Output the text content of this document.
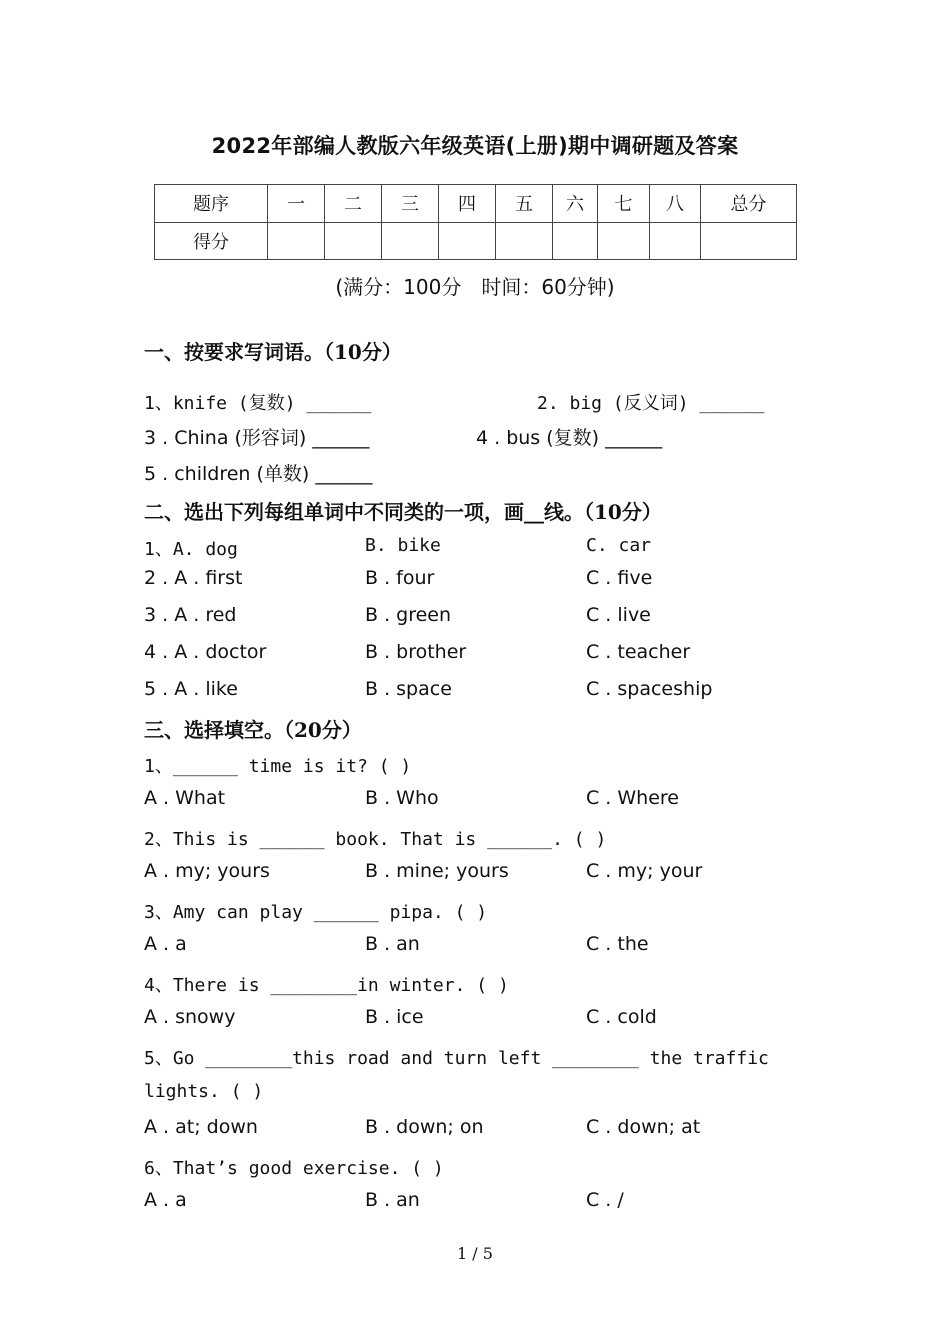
2022年部编人教版六年级英语(上册)期中调研题及答案
题序	一	二	三	四	五	六	七	八	总分
得分									
(满分：100分　时间：60分钟)
一、按要求写词语。（10分）
1、knife (复数) ______	2. big (反义词) ______
3 . China (形容词) ______	4 . bus (复数) ______
5 . children (单数) ______
二、选出下列每组单词中不同类的一项，画__线。（10分）
1、A. dog	B. bike	C. car
2 . A . first	B . four	C . five
3 . A . red	B . green	C . live
4 . A . doctor	B . brother	C . teacher
5 . A . like	B . space	C . spaceship
三、选择填空。（20分）
1、______ time is it? ( )
A . What	B . Who	C . Where
2、This is ______ book. That is ______. ( )
A . my; yours	B . mine; yours	C . my; your
3、Amy can play ______ pipa. ( )
A . a	B . an	C . the
4、There is ________in winter. ( )
A . snowy	B . ice	C . cold
5、Go ________this road and turn left ________ the traffic
lights. ( )
A . at; down	B . down; on	C . down; at
6、That’s good exercise. ( )
A . a	B . an	C . /
1 / 5
